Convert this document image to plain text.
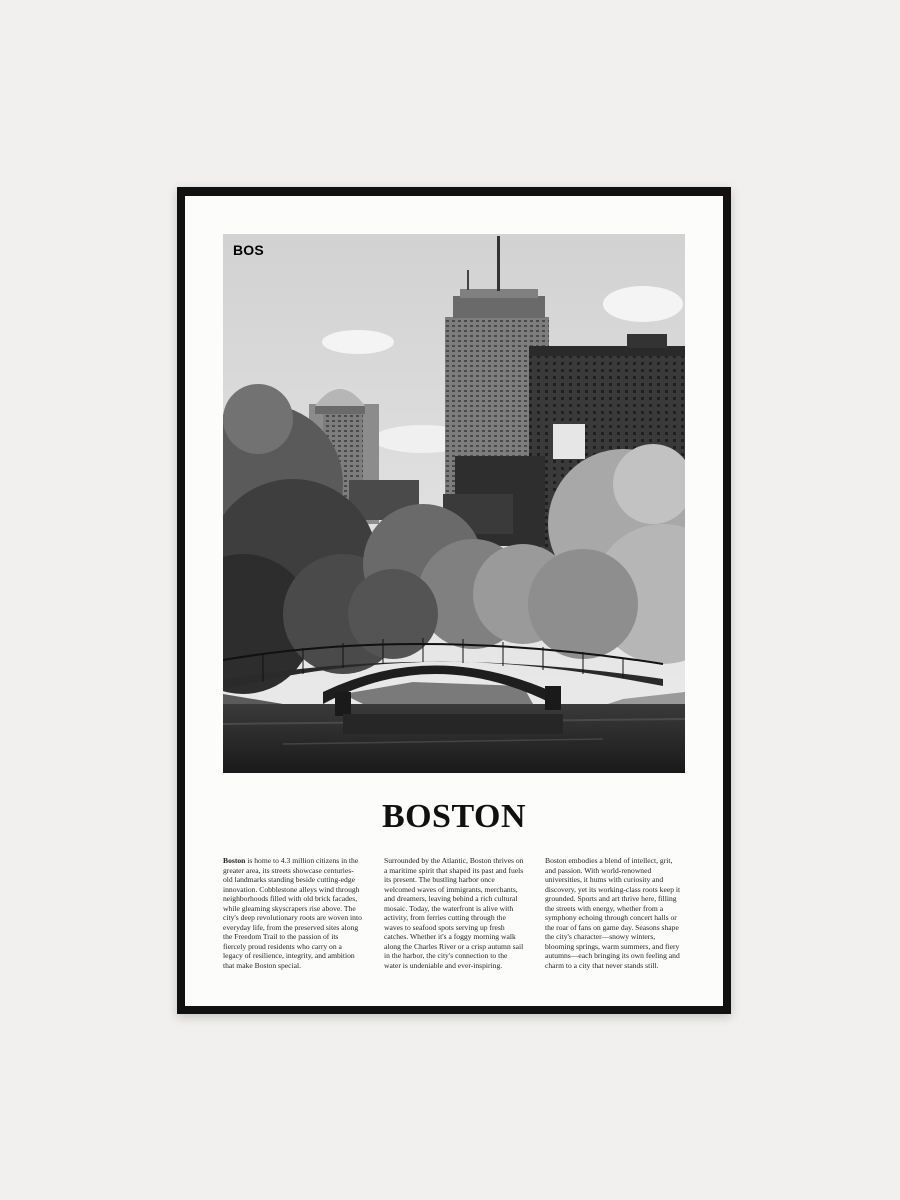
BOS
BOSTON
Boston is home to 4.3 million citizens in the greater area, its streets showcase centuries-old landmarks standing beside cutting-edge innovation. Cobblestone alleys wind through neighborhoods filled with old brick facades, while gleaming skyscrapers rise above. The city's deep revolutionary roots are woven into everyday life, from the preserved sites along the Freedom Trail to the passion of its fiercely proud residents who carry on a legacy of resilience, integrity, and ambition that make Boston special.
Surrounded by the Atlantic, Boston thrives on a maritime spirit that shaped its past and fuels its present. The bustling harbor once welcomed waves of immigrants, merchants, and dreamers, leaving behind a rich cultural mosaic. Today, the waterfront is alive with activity, from ferries cutting through the waves to seafood spots serving up fresh catches. Whether it's a foggy morning walk along the Charles River or a crisp autumn sail in the harbor, the city's connection to the water is undeniable and ever-inspiring.
Boston embodies a blend of intellect, grit, and passion. With world-renowned universities, it hums with curiosity and discovery, yet its working-class roots keep it grounded. Sports and art thrive here, filling the streets with energy, whether from a symphony echoing through concert halls or the roar of fans on game day. Seasons shape the city's character—snowy winters, blooming springs, warm summers, and fiery autumns—each bringing its own feeling and charm to a city that never stands still.
